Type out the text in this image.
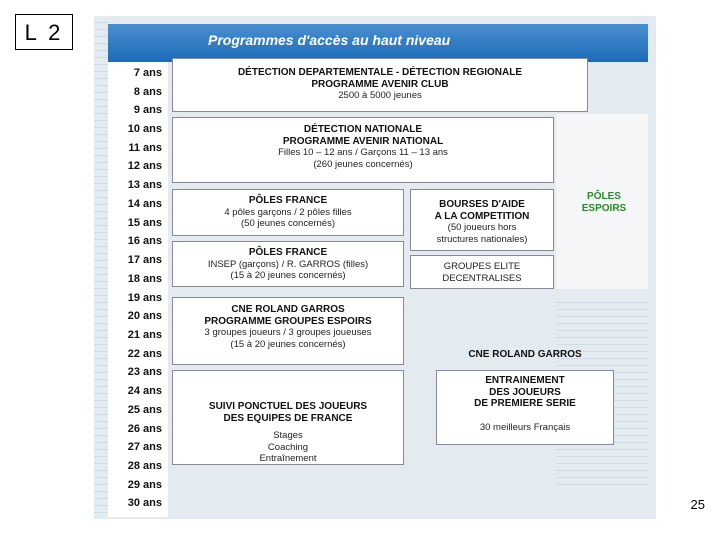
L 2	Programmes d'accès au haut niveau
7 ans
8 ans
9 ans
10 ans
11 ans
12 ans
13 ans
14 ans
15 ans
16 ans
17 ans
18 ans
19 ans
20 ans
21 ans
22 ans
23 ans
24 ans
25 ans
26 ans
27 ans
28 ans
29 ans
30 ans
DÉTECTION DEPARTEMENTALE - DÉTECTION REGIONALE
PROGRAMME AVENIR CLUB
2500 à 5000 jeunes
DÉTECTION NATIONALE
PROGRAMME AVENIR NATIONAL
Filles 10 – 12 ans / Garçons 11 – 13 ans
(260 jeunes concernés)
PÔLES FRANCE
4 pôles garçons / 2 pôles filles
(50 jeunes concernés)
BOURSES D'AIDE
A LA COMPETITION
(50 joueurs hors
structures nationales)
PÔLES FRANCE
INSEP (garçons) / R. GARROS (filles)
(15 à 20 jeunes concernés)
GROUPES ELITE
DECENTRALISES
CNE ROLAND GARROS
PROGRAMME GROUPES ESPOIRS
3 groupes joueurs / 3 groupes joueuses
(15 à 20 jeunes concernés)
CNE ROLAND GARROS
SUIVI PONCTUEL DES JOUEURS
DES EQUIPES DE FRANCE
Stages
Coaching
Entraînement
ENTRAINEMENT
DES JOUEURS
DE PREMIERE SERIE
30 meilleurs Français
PÔLES
ESPOIRS
25
